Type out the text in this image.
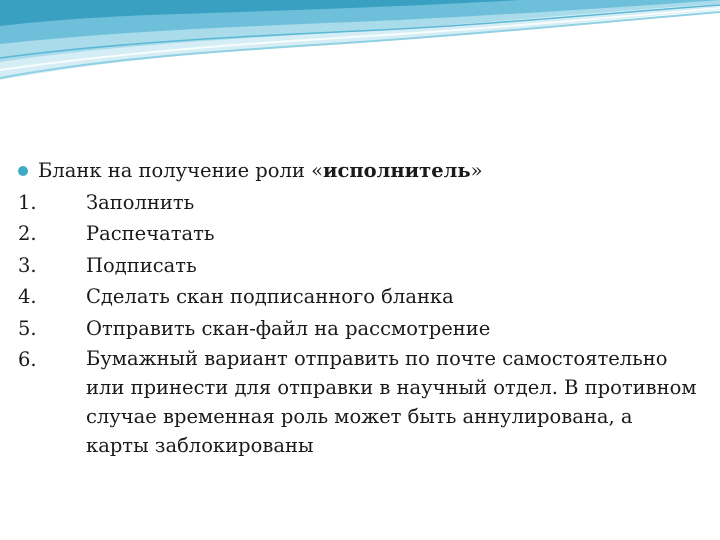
Бланк на получение роли «исполнитель»
1.	Заполнить
2.	Распечатать
3.	Подписать
4.	Сделать скан подписанного бланка
5.	Отправить скан-файл на рассмотрение
6.	Бумажный вариант отправить по почте самостоятельно или принести для отправки в научный отдел. В противном случае временная роль может быть аннулирована, а карты заблокированы
